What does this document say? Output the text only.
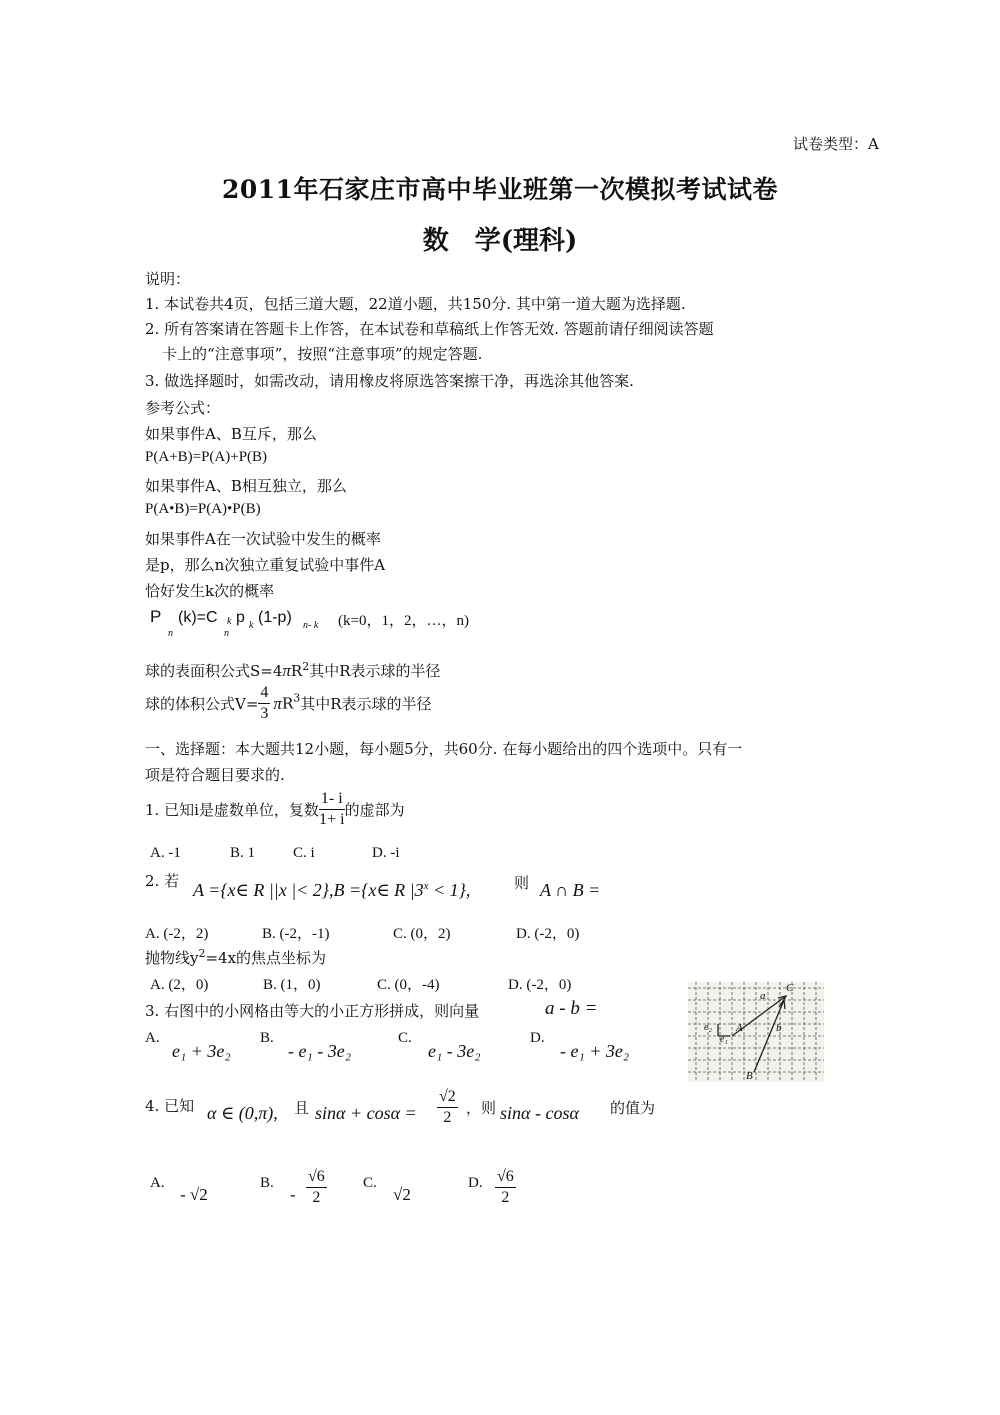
试卷类型：A
2011年石家庄市高中毕业班第一次模拟考试试卷
数　学(理科)
说明：
1. 本试卷共4页，包括三道大题，22道小题，共150分. 其中第一道大题为选择题.
2. 所有答案请在答题卡上作答，在本试卷和草稿纸上作答无效. 答题前请仔细阅读答题
卡上的“注意事项”，按照“注意事项”的规定答题.
3. 做选择题时，如需改动，请用橡皮将原选答案擦干净，再选涂其他答案.
参考公式：
如果事件A、B互斥，那么
P(A+B)=P(A)+P(B)
如果事件A、B相互独立，那么
P(A•B)=P(A)•P(B)
如果事件A在一次试验中发生的概率
是p，那么n次独立重复试验中事件A
恰好发生k次的概率
P
n
(k)=C k
n
p k (1-p) n- k (k=0，1，2，…，n)
球的表面积公式$S=4\pi R^2$其中R表示球的半径
球的体积公式$V= \frac{4}{3} \pi R^3$其中R表示球的半径
一、选择题：本大题共12小题，每小题5分，共60分. 在每小题给出的四个选项中。只有一
项是符合题目要求的.
1. 已知i是虚数单位，复数 $\frac{1- i}{1+ i}$ 的虚部为
A. -1	B. 1	C. i	D. -i
2. 若 A ={x∈ R ||x |< 2},B ={x∈ R $|3^x < 1$},	则 A ∩ B =
A. (-2，2)	B. (-2，-1)	C. (0，2)	D. (-2，0)
抛物线$y^2=4x$的焦点坐标为
A. (2，0)	B. (1，0)	C. (0，-4)	D. (-2，0)
3. 右图中的小网格由等大的小正方形拼成，则向量	a - b =
A.
e₁ + 3e₂
B.
- e₁ - 3e₂
C.
e₁ - 3e₂
D.
- e₁ + 3e₂
a
C
A	b
B
e₂
e₁
4. 已知 α ∈ (0,π), 且 $\sin\alpha + \cos\alpha = \frac{√2}{2}$ ，则 sinα - cosα 的值为
A.
- √2
B.
- $\frac{√6}{2} C$.
√2
D. $\frac{√6}{2}$
